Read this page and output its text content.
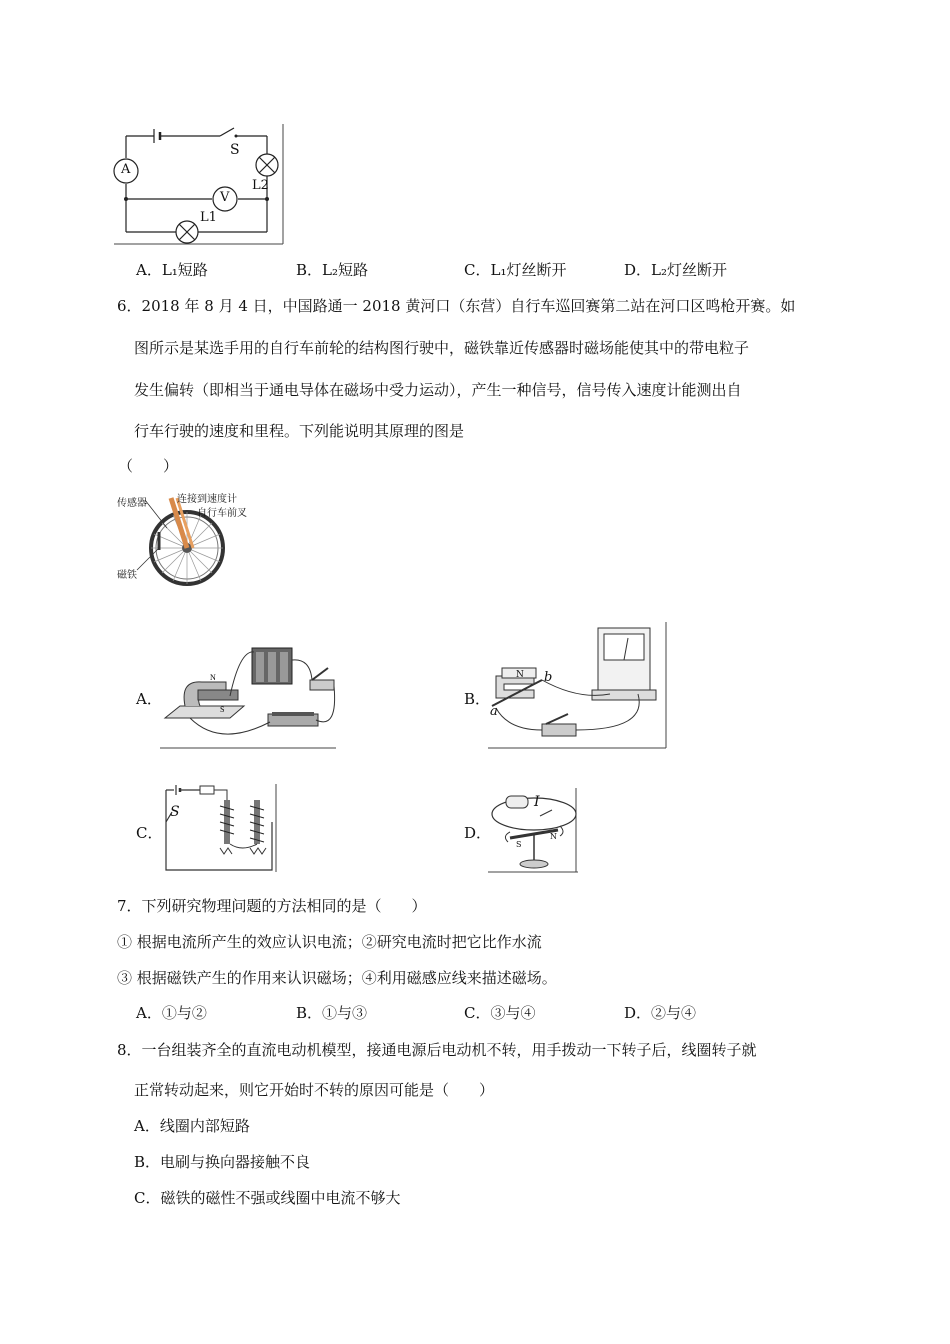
A
V
S
L2
L1
A．L₁短路	B．L₂短路	C．L₁灯丝断开	D．L₂灯丝断开
6．2018 年 8 月 4 日，中国路通一 2018 黄河口（东营）自行车巡回赛第二站在河口区鸣枪开赛。如
图所示是某选手用的自行车前轮的结构图行驶中，磁铁靠近传感器时磁场能使其中的带电粒子
发生偏转（即相当于通电导体在磁场中受力运动），产生一种信号，信号传入速度计能测出自
行车行驶的速度和里程。下列能说明其原理的图是
（　　）
传感器	连接到速度计
自行车前叉
磁铁
A．
N
S
B．
N b
a
C．
S
D．
I
S
N
7．下列研究物理问题的方法相同的是（　　）
① 根据电流所产生的效应认识电流；②研究电流时把它比作水流
③ 根据磁铁产生的作用来认识磁场；④利用磁感应线来描述磁场。
A．①与②	B．①与③	C．③与④	D．②与④
8．一台组装齐全的直流电动机模型，接通电源后电动机不转，用手拨动一下转子后，线圈转子就
正常转动起来，则它开始时不转的原因可能是（　　）
A．线圈内部短路
B．电刷与换向器接触不良
C．磁铁的磁性不强或线圈中电流不够大
